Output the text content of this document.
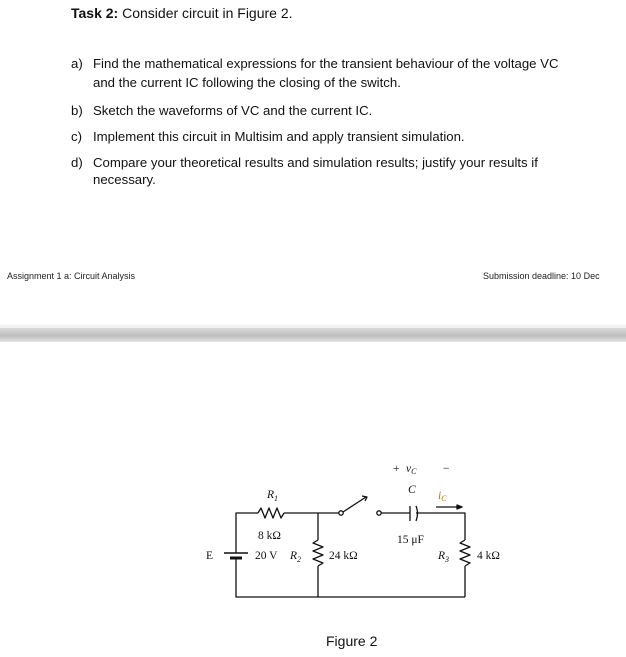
Task 2: Consider circuit in Figure 2.
a) Find the mathematical expressions for the transient behaviour of the voltage VC
and the current IC following the closing of the switch.
b) Sketch the waveforms of VC and the current IC.
c) Implement this circuit in Multisim and apply transient simulation.
d) Compare your theoretical results and simulation results; justify your results if
necessary.
Assignment 1 a: Circuit Analysis	Submission deadline: 10 Dec
E	20 V
$R_1$
8 kΩ
$R_2$ 24 kΩ	$R_3$ 4 kΩ
C
15 μF
+ vC −
iC
Figure 2
